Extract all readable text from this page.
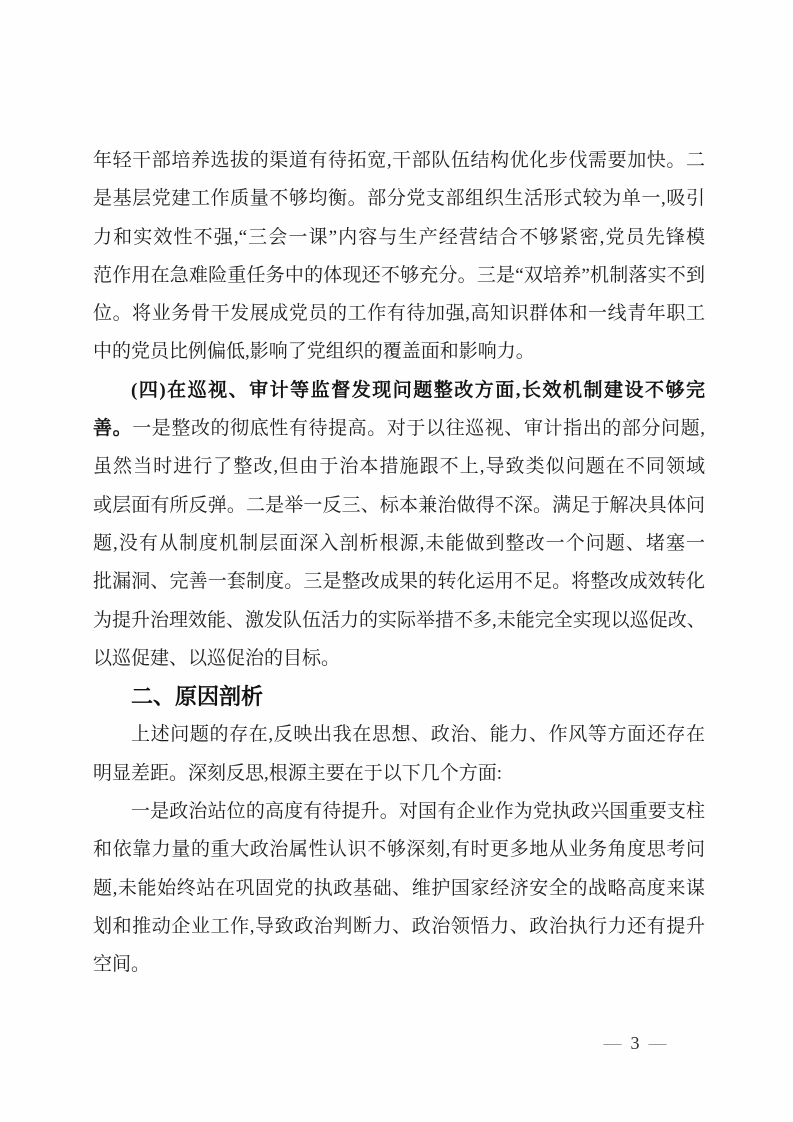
年轻干部培养选拔的渠道有待拓宽,干部队伍结构优化步伐需要加快。二
是基层党建工作质量不够均衡。部分党支部组织生活形式较为单一,吸引
力和实效性不强,“三会一课”内容与生产经营结合不够紧密,党员先锋模
范作用在急难险重任务中的体现还不够充分。三是“双培养”机制落实不到
位。将业务骨干发展成党员的工作有待加强,高知识群体和一线青年职工
中的党员比例偏低,影响了党组织的覆盖面和影响力。
(四)在巡视、审计等监督发现问题整改方面,长效机制建设不够完
善。一是整改的彻底性有待提高。对于以往巡视、审计指出的部分问题,
虽然当时进行了整改,但由于治本措施跟不上,导致类似问题在不同领域
或层面有所反弹。二是举一反三、标本兼治做得不深。满足于解决具体问
题,没有从制度机制层面深入剖析根源,未能做到整改一个问题、堵塞一
批漏洞、完善一套制度。三是整改成果的转化运用不足。将整改成效转化
为提升治理效能、激发队伍活力的实际举措不多,未能完全实现以巡促改、
以巡促建、以巡促治的目标。
二、原因剖析
上述问题的存在,反映出我在思想、政治、能力、作风等方面还存在
明显差距。深刻反思,根源主要在于以下几个方面:
一是政治站位的高度有待提升。对国有企业作为党执政兴国重要支柱
和依靠力量的重大政治属性认识不够深刻,有时更多地从业务角度思考问
题,未能始终站在巩固党的执政基础、维护国家经济安全的战略高度来谋
划和推动企业工作,导致政治判断力、政治领悟力、政治执行力还有提升
空间。
— 3 —
